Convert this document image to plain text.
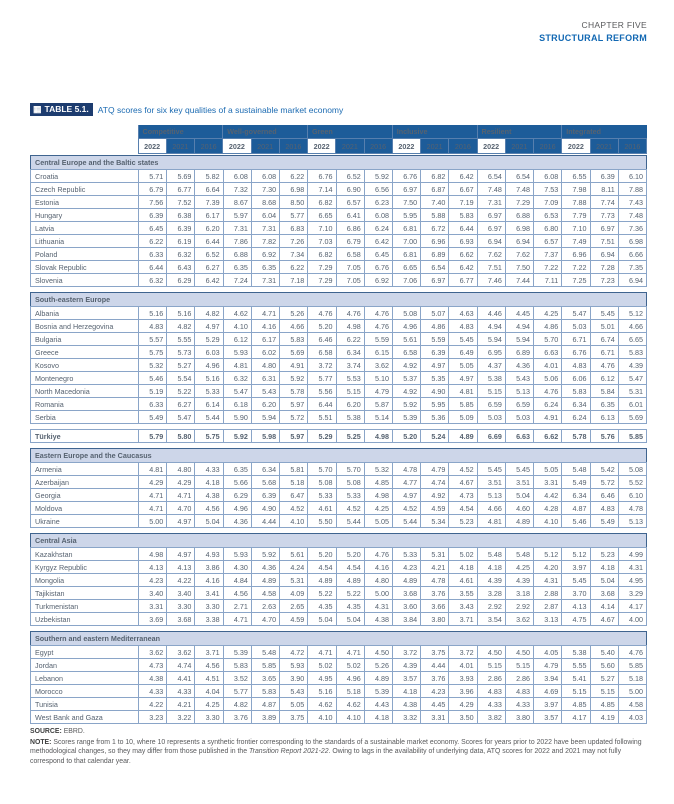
CHAPTER FIVE
STRUCTURAL REFORM
▦ TABLE 5.1. ATQ scores for six key qualities of a sustainable market economy
	Competitive			Well-governed			Green			Inclusive			Resilient			Integrated		
	2022	2021	2016	2022	2021	2016	2022	2021	2016	2022	2021	2016	2022	2021	2016	2022	2021	2016
Central Europe and the Baltic states																		
Croatia	5.71	5.69	5.82	6.08	6.08	6.22	6.76	6.52	5.92	6.76	6.82	6.42	6.54	6.54	6.08	6.55	6.39	6.10
Czech Republic	6.79	6.77	6.64	7.32	7.30	6.98	7.14	6.90	6.56	6.97	6.87	6.67	7.48	7.48	7.53	7.98	8.11	7.88
Estonia	7.56	7.52	7.39	8.67	8.68	8.50	6.82	6.57	6.23	7.50	7.40	7.19	7.31	7.29	7.09	7.88	7.74	7.43
Hungary	6.39	6.38	6.17	5.97	6.04	5.77	6.65	6.41	6.08	5.95	5.88	5.83	6.97	6.88	6.53	7.79	7.73	7.48
Latvia	6.45	6.39	6.20	7.31	7.31	6.83	7.10	6.86	6.24	6.81	6.72	6.44	6.97	6.98	6.80	7.10	6.97	7.36
Lithuania	6.22	6.19	6.44	7.86	7.82	7.26	7.03	6.79	6.42	7.00	6.96	6.93	6.94	6.94	6.57	7.49	7.51	6.98
Poland	6.33	6.32	6.52	6.88	6.92	7.34	6.82	6.58	6.45	6.81	6.89	6.62	7.62	7.62	7.37	6.96	6.94	6.66
Slovak Republic	6.44	6.43	6.27	6.35	6.35	6.22	7.29	7.05	6.76	6.65	6.54	6.42	7.51	7.50	7.22	7.22	7.28	7.35
Slovenia	6.32	6.29	6.42	7.24	7.31	7.18	7.29	7.05	6.92	7.06	6.97	6.77	7.46	7.44	7.11	7.25	7.23	6.94
South-eastern Europe																		
Albania	5.16	5.16	4.82	4.62	4.71	5.26	4.76	4.76	4.76	5.08	5.07	4.63	4.46	4.45	4.25	5.47	5.45	5.12
Bosnia and Herzegovina	4.83	4.82	4.97	4.10	4.16	4.66	5.20	4.98	4.76	4.96	4.86	4.83	4.94	4.94	4.86	5.03	5.01	4.66
Bulgaria	5.57	5.55	5.29	6.12	6.17	5.83	6.46	6.22	5.59	5.61	5.59	5.45	5.94	5.94	5.70	6.71	6.74	6.65
Greece	5.75	5.73	6.03	5.93	6.02	5.69	6.58	6.34	6.15	6.58	6.39	6.49	6.95	6.89	6.63	6.76	6.71	5.83
Kosovo	5.32	5.27	4.96	4.81	4.80	4.91	3.72	3.74	3.62	4.92	4.97	5.05	4.37	4.36	4.01	4.83	4.76	4.39
Montenegro	5.46	5.54	5.16	6.32	6.31	5.92	5.77	5.53	5.10	5.37	5.35	4.97	5.38	5.43	5.06	6.06	6.12	5.47
North Macedonia	5.19	5.22	5.33	5.47	5.43	5.78	5.56	5.15	4.79	4.92	4.90	4.81	5.15	5.13	4.76	5.83	5.84	5.31
Romania	6.33	6.27	6.14	6.18	6.20	5.97	6.44	6.20	5.87	5.92	5.95	5.85	6.59	6.59	6.24	6.34	6.35	6.01
Serbia	5.49	5.47	5.44	5.90	5.94	5.72	5.51	5.38	5.14	5.39	5.36	5.09	5.03	5.03	4.91	6.24	6.13	5.69
Türkiye	5.79	5.80	5.75	5.92	5.98	5.97	5.29	5.25	4.98	5.20	5.24	4.89	6.69	6.63	6.62	5.78	5.76	5.85
Eastern Europe and the Caucasus																		
Armenia	4.81	4.80	4.33	6.35	6.34	5.81	5.70	5.70	5.32	4.78	4.79	4.52	5.45	5.45	5.05	5.48	5.42	5.08
Azerbaijan	4.29	4.29	4.18	5.66	5.68	5.18	5.08	5.08	4.85	4.77	4.74	4.67	3.51	3.51	3.31	5.49	5.72	5.52
Georgia	4.71	4.71	4.38	6.29	6.39	6.47	5.33	5.33	4.98	4.97	4.92	4.73	5.13	5.04	4.42	6.34	6.46	6.10
Moldova	4.71	4.70	4.56	4.96	4.90	4.52	4.61	4.52	4.25	4.52	4.59	4.54	4.66	4.60	4.28	4.87	4.83	4.78
Ukraine	5.00	4.97	5.04	4.36	4.44	4.10	5.50	5.44	5.05	5.44	5.34	5.23	4.81	4.89	4.10	5.46	5.49	5.13
Central Asia																		
Kazakhstan	4.98	4.97	4.93	5.93	5.92	5.61	5.20	5.20	4.76	5.33	5.31	5.02	5.48	5.48	5.12	5.12	5.23	4.99
Kyrgyz Republic	4.13	4.13	3.86	4.30	4.36	4.24	4.54	4.54	4.16	4.23	4.21	4.18	4.18	4.25	4.20	3.97	4.18	4.31
Mongolia	4.23	4.22	4.16	4.84	4.89	5.31	4.89	4.89	4.80	4.89	4.78	4.61	4.39	4.39	4.31	5.45	5.04	4.95
Tajikistan	3.40	3.40	3.41	4.56	4.58	4.09	5.22	5.22	5.00	3.68	3.76	3.55	3.28	3.18	2.88	3.70	3.68	3.29
Turkmenistan	3.31	3.30	3.30	2.71	2.63	2.65	4.35	4.35	4.31	3.60	3.66	3.43	2.92	2.92	2.87	4.13	4.14	4.17
Uzbekistan	3.69	3.68	3.38	4.71	4.70	4.59	5.04	5.04	4.38	3.84	3.80	3.71	3.54	3.62	3.13	4.75	4.67	4.00
Southern and eastern Mediterranean																		
Egypt	3.62	3.62	3.71	5.39	5.48	4.72	4.71	4.71	4.50	3.72	3.75	3.72	4.50	4.50	4.05	5.38	5.40	4.76
Jordan	4.73	4.74	4.56	5.83	5.85	5.93	5.02	5.02	5.26	4.39	4.44	4.01	5.15	5.15	4.79	5.55	5.60	5.85
Lebanon	4.38	4.41	4.51	3.52	3.65	3.90	4.95	4.96	4.89	3.57	3.76	3.93	2.86	2.86	3.94	5.41	5.27	5.18
Morocco	4.33	4.33	4.04	5.77	5.83	5.43	5.16	5.18	5.39	4.18	4.23	3.96	4.83	4.83	4.69	5.15	5.15	5.00
Tunisia	4.22	4.21	4.25	4.82	4.87	5.05	4.62	4.62	4.43	4.38	4.45	4.29	4.33	4.33	3.97	4.85	4.85	4.58
West Bank and Gaza	3.23	3.22	3.30	3.76	3.89	3.75	4.10	4.10	4.18	3.32	3.31	3.50	3.82	3.80	3.57	4.17	4.19	4.03

SOURCE: EBRD.

NOTE: Scores range from 1 to 10, where 10 represents a synthetic frontier corresponding to the standards of a sustainable market economy. Scores for years prior to 2022 have been updated following methodological changes, so they may differ from those published in the Transition Report 2021-22. Owing to lags in the availability of underlying data, ATQ scores for 2022 and 2021 may not fully correspond to that calendar year.
